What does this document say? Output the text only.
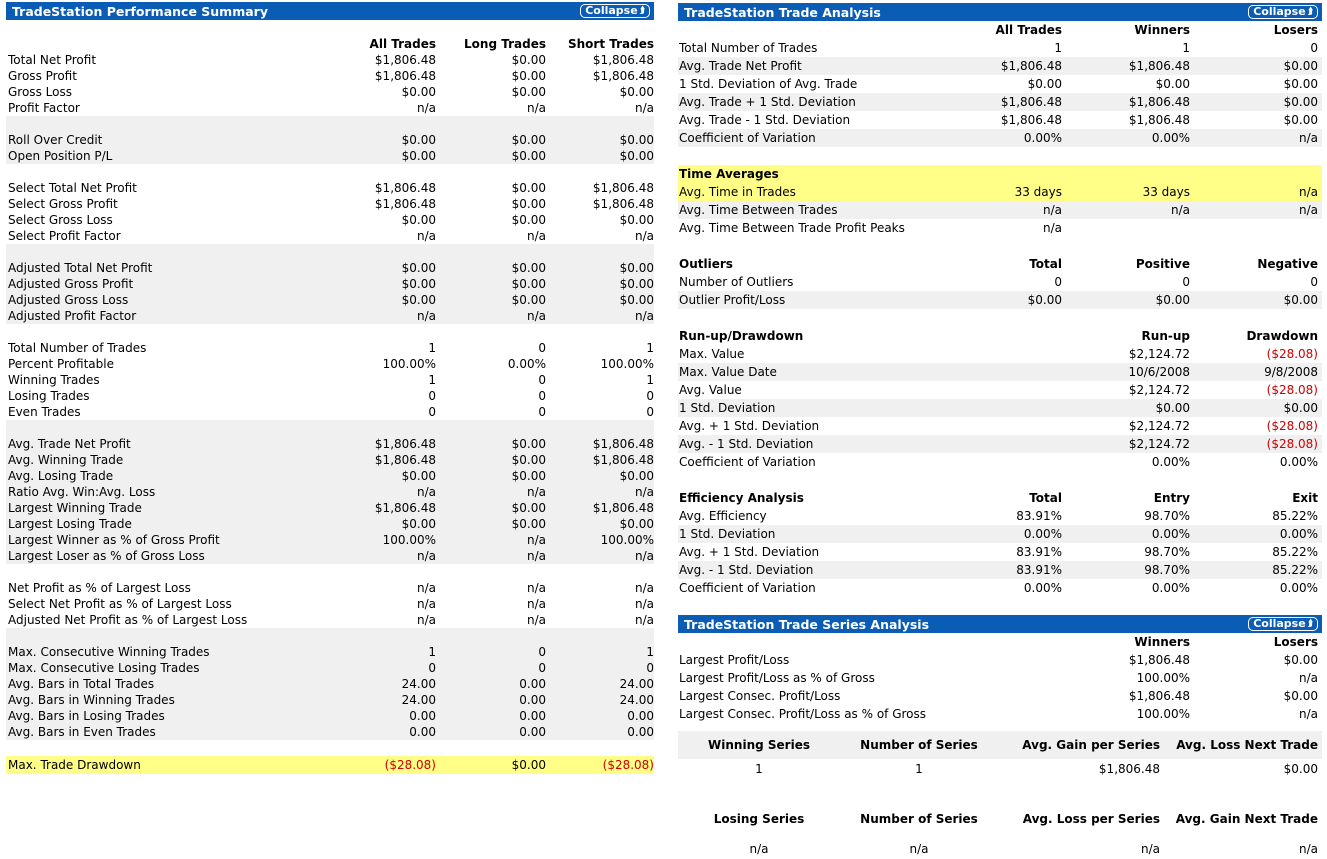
TradeStation Performance Summary	Collapse ⮭
All Trades	Long Trades	Short Trades
Total Net Profit	$1,806.48	$0.00	$1,806.48
Gross Profit	$1,806.48	$0.00	$1,806.48
Gross Loss	$0.00	$0.00	$0.00
Profit Factor	n/a	n/a	n/a
Roll Over Credit	$0.00	$0.00	$0.00
Open Position P/L	$0.00	$0.00	$0.00
Select Total Net Profit	$1,806.48	$0.00	$1,806.48
Select Gross Profit	$1,806.48	$0.00	$1,806.48
Select Gross Loss	$0.00	$0.00	$0.00
Select Profit Factor	n/a	n/a	n/a
Adjusted Total Net Profit	$0.00	$0.00	$0.00
Adjusted Gross Profit	$0.00	$0.00	$0.00
Adjusted Gross Loss	$0.00	$0.00	$0.00
Adjusted Profit Factor	n/a	n/a	n/a
Total Number of Trades	1	0	1
Percent Profitable	100.00%	0.00%	100.00%
Winning Trades	1	0	1
Losing Trades	0	0	0
Even Trades	0	0	0
Avg. Trade Net Profit	$1,806.48	$0.00	$1,806.48
Avg. Winning Trade	$1,806.48	$0.00	$1,806.48
Avg. Losing Trade	$0.00	$0.00	$0.00
Ratio Avg. Win:Avg. Loss	n/a	n/a	n/a
Largest Winning Trade	$1,806.48	$0.00	$1,806.48
Largest Losing Trade	$0.00	$0.00	$0.00
Largest Winner as % of Gross Profit	100.00%	n/a	100.00%
Largest Loser as % of Gross Loss	n/a	n/a	n/a
Net Profit as % of Largest Loss	n/a	n/a	n/a
Select Net Profit as % of Largest Loss	n/a	n/a	n/a
Adjusted Net Profit as % of Largest Loss	n/a	n/a	n/a
Max. Consecutive Winning Trades	1	0	1
Max. Consecutive Losing Trades	0	0	0
Avg. Bars in Total Trades	24.00	0.00	24.00
Avg. Bars in Winning Trades	24.00	0.00	24.00
Avg. Bars in Losing Trades	0.00	0.00	0.00
Avg. Bars in Even Trades	0.00	0.00	0.00
Max. Trade Drawdown	($28.08)	$0.00	($28.08)
TradeStation Trade Analysis	Collapse ⮭
All Trades	Winners	Losers
Total Number of Trades	1	1	0
Avg. Trade Net Profit	$1,806.48	$1,806.48	$0.00
1 Std. Deviation of Avg. Trade	$0.00	$0.00	$0.00
Avg. Trade + 1 Std. Deviation	$1,806.48	$1,806.48	$0.00
Avg. Trade - 1 Std. Deviation	$1,806.48	$1,806.48	$0.00
Coefficient of Variation	0.00%	0.00%	n/a
Time Averages
Avg. Time in Trades	33 days	33 days	n/a
Avg. Time Between Trades	n/a	n/a	n/a
Avg. Time Between Trade Profit Peaks	n/a
Outliers	Total	Positive	Negative
Number of Outliers	0	0	0
Outlier Profit/Loss	$0.00	$0.00	$0.00
Run-up/Drawdown	Run-up	Drawdown
Max. Value	$2,124.72	($28.08)
Max. Value Date	10/6/2008	9/8/2008
Avg. Value	$2,124.72	($28.08)
1 Std. Deviation	$0.00	$0.00
Avg. + 1 Std. Deviation	$2,124.72	($28.08)
Avg. - 1 Std. Deviation	$2,124.72	($28.08)
Coefficient of Variation	0.00%	0.00%
Efficiency Analysis	Total	Entry	Exit
Avg. Efficiency	83.91%	98.70%	85.22%
1 Std. Deviation	0.00%	0.00%	0.00%
Avg. + 1 Std. Deviation	83.91%	98.70%	85.22%
Avg. - 1 Std. Deviation	83.91%	98.70%	85.22%
Coefficient of Variation	0.00%	0.00%	0.00%
TradeStation Trade Series Analysis	Collapse ⮭
Winners	Losers
Largest Profit/Loss	$1,806.48	$0.00
Largest Profit/Loss as % of Gross	100.00%	n/a
Largest Consec. Profit/Loss	$1,806.48	$0.00
Largest Consec. Profit/Loss as % of Gross	100.00%	n/a
Winning Series	Number of Series	Avg. Gain per Series	Avg. Loss Next Trade
1	1	$1,806.48	$0.00
Losing Series	Number of Series	Avg. Loss per Series	Avg. Gain Next Trade
n/a	n/a	n/a	n/a
